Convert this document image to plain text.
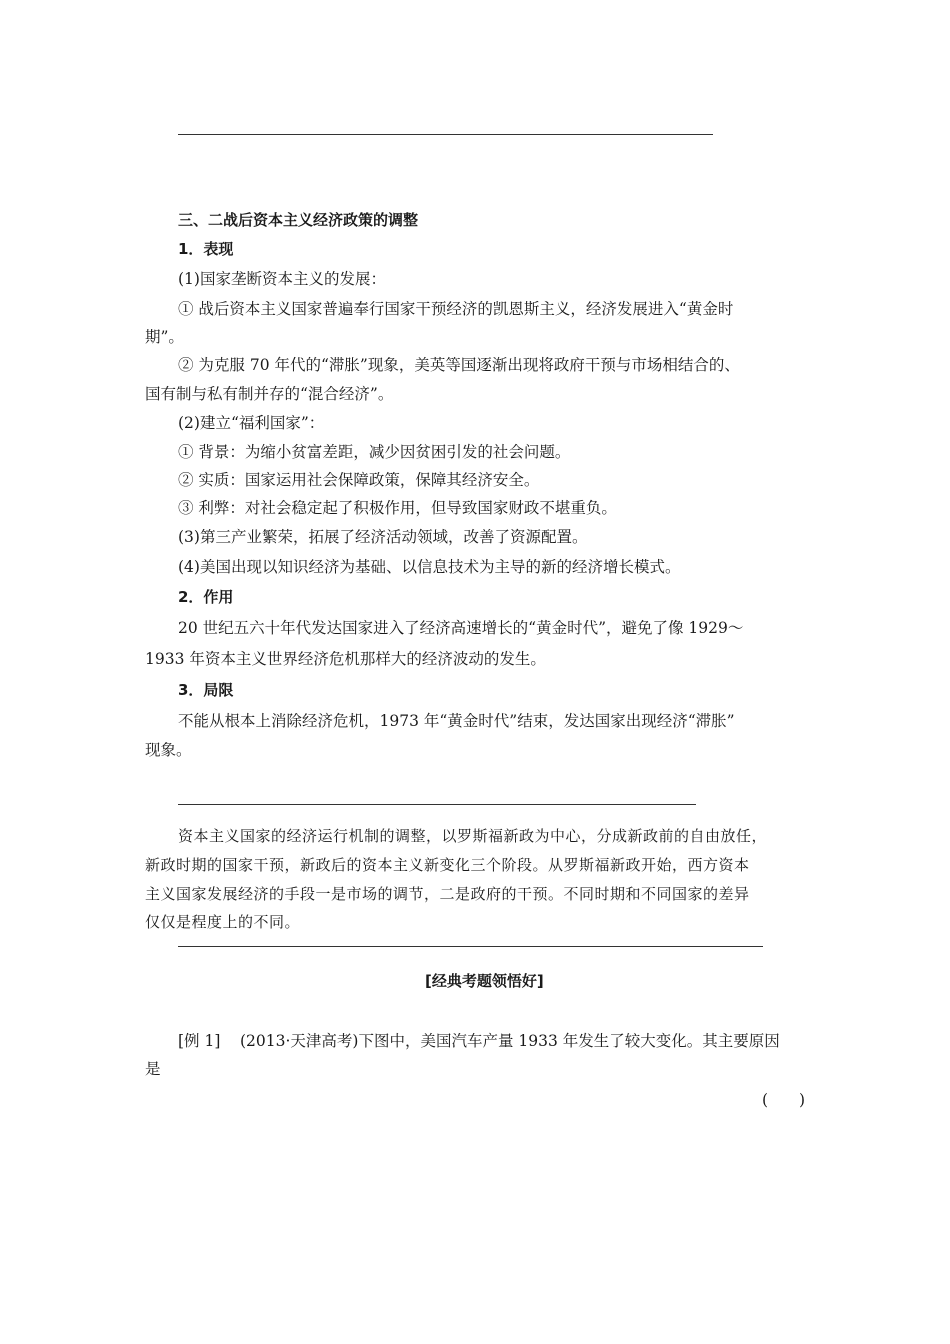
三、二战后资本主义经济政策的调整
1．表现
(1)国家垄断资本主义的发展：
① 战后资本主义国家普遍奉行国家干预经济的凯恩斯主义，经济发展进入“黄金时
期”。
② 为克服 70 年代的“滞胀”现象，美英等国逐渐出现将政府干预与市场相结合的、
国有制与私有制并存的“混合经济”。
(2)建立“福利国家”：
① 背景：为缩小贫富差距，减少因贫困引发的社会问题。
② 实质：国家运用社会保障政策，保障其经济安全。
③ 利弊：对社会稳定起了积极作用，但导致国家财政不堪重负。
(3)第三产业繁荣，拓展了经济活动领域，改善了资源配置。
(4)美国出现以知识经济为基础、以信息技术为主导的新的经济增长模式。
2．作用
20 世纪五六十年代发达国家进入了经济高速增长的“黄金时代”，避免了像 1929～
1933 年资本主义世界经济危机那样大的经济波动的发生。
3．局限
不能从根本上消除经济危机，1973 年“黄金时代”结束，发达国家出现经济“滞胀”
现象。
资本主义国家的经济运行机制的调整，以罗斯福新政为中心，分成新政前的自由放任，
新政时期的国家干预，新政后的资本主义新变化三个阶段。从罗斯福新政开始，西方资本
主义国家发展经济的手段一是市场的调节，二是政府的干预。不同时期和不同国家的差异
仅仅是程度上的不同。
[经典考题领悟好]
[例 1] (2013·天津高考)下图中，美国汽车产量 1933 年发生了较大变化。其主要原因
是
(　　)
